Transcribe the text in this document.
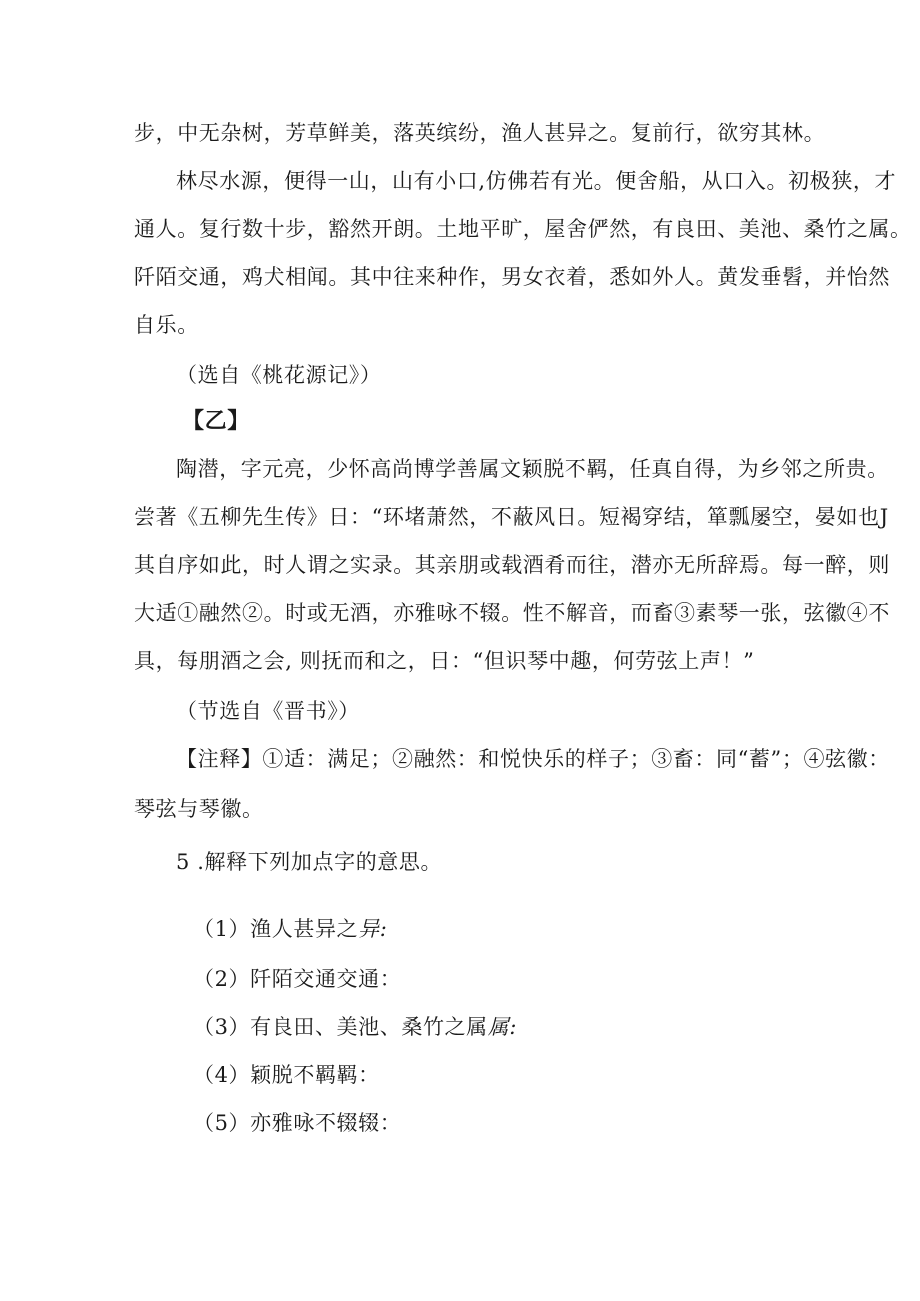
步，中无杂树，芳草鲜美，落英缤纷，渔人甚异之。复前行，欲穷其林。
林尽水源，便得一山，山有小口,仿佛若有光。便舍船，从口入。初极狭，才
通人。复行数十步，豁然开朗。土地平旷，屋舍俨然，有良田、美池、桑竹之属。
阡陌交通，鸡犬相闻。其中往来种作，男女衣着，悉如外人。黄发垂髫，并怡然
自乐。
（选自《桃花源记》）
【乙】
陶潜，字元亮，少怀高尚博学善属文颖脱不羁，任真自得，为乡邻之所贵。
尝著《五柳先生传》日：“环堵萧然，不蔽风日。短褐穿结，箪瓢屡空，晏如也J
其自序如此，时人谓之实录。其亲朋或载酒肴而往，潜亦无所辞焉。每一醉，则
大适①融然②。时或无酒，亦雅咏不辍。性不解音，而畜③素琴一张，弦徽④不
具，每朋酒之会, 则抚而和之，日：“但识琴中趣，何劳弦上声！”
（节选自《晋书》）
【注释】①适：满足；②融然：和悦快乐的样子；③畜：同“蓄”；④弦徽：
琴弦与琴徽。
5 .解释下列加点字的意思。
（1）渔人甚异之异:
（2）阡陌交通交通：
（3）有良田、美池、桑竹之属属:
（4）颖脱不羁羁：
（5）亦雅咏不辍辍：
